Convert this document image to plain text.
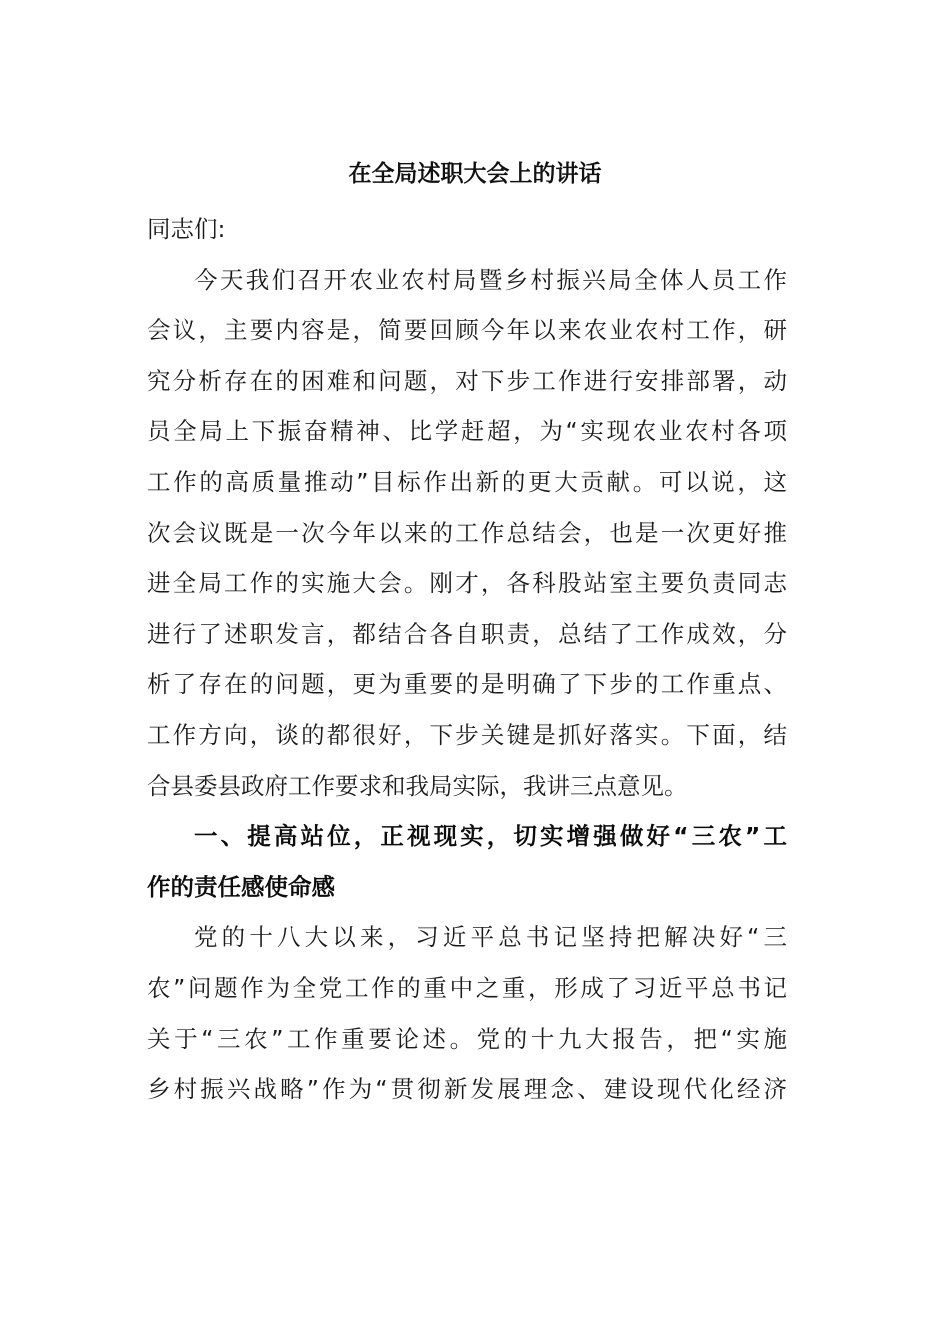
在全局述职大会上的讲话
同志们:
今天我们召开农业农村局暨乡村振兴局全体人员工作
会议，主要内容是，简要回顾今年以来农业农村工作，研
究分析存在的困难和问题，对下步工作进行安排部署，动
员全局上下振奋精神、比学赶超，为“实现农业农村各项
工作的高质量推动”目标作出新的更大贡献。可以说，这
次会议既是一次今年以来的工作总结会，也是一次更好推
进全局工作的实施大会。刚才，各科股站室主要负责同志
进行了述职发言，都结合各自职责，总结了工作成效，分
析了存在的问题，更为重要的是明确了下步的工作重点、
工作方向，谈的都很好，下步关键是抓好落实。下面，结
合县委县政府工作要求和我局实际，我讲三点意见。
一、提高站位，正视现实，切实增强做好“三农”工
作的责任感使命感
党的十八大以来，习近平总书记坚持把解决好“三
农”问题作为全党工作的重中之重，形成了习近平总书记
关于“三农”工作重要论述。党的十九大报告，把“实施
乡村振兴战略”作为“贯彻新发展理念、建设现代化经济
